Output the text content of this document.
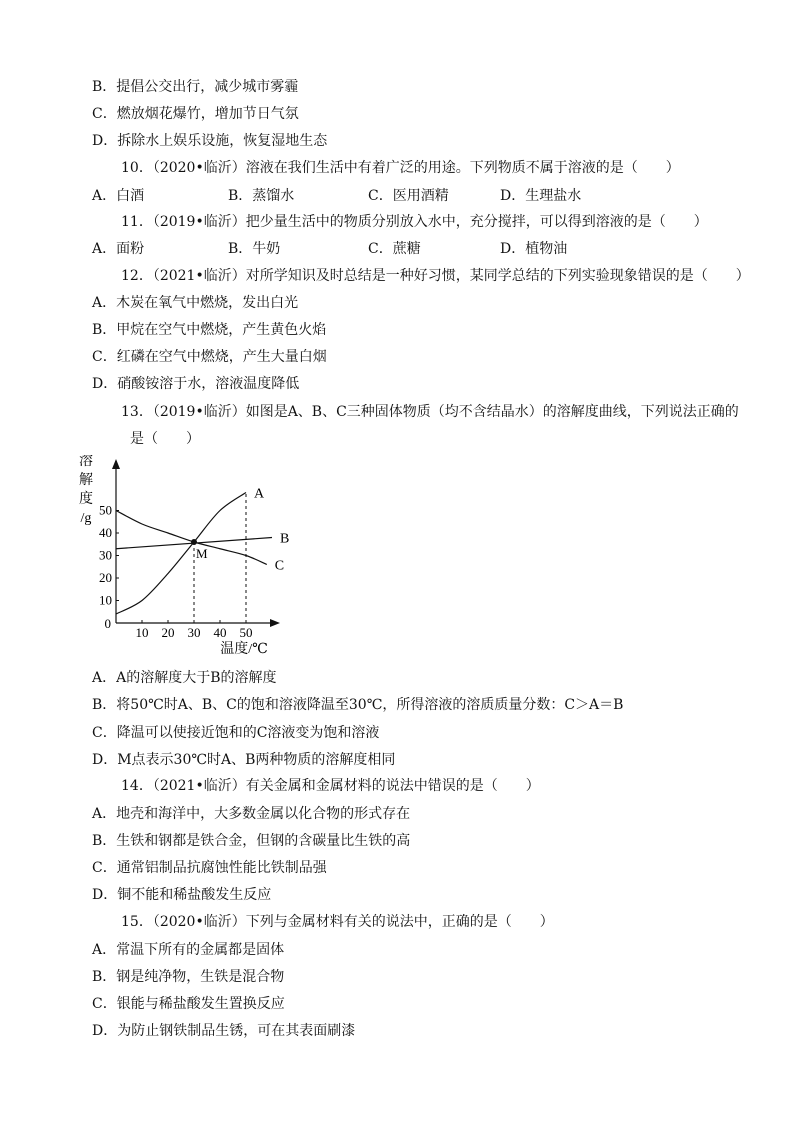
B．提倡公交出行，减少城市雾霾
C．燃放烟花爆竹，增加节日气氛
D．拆除水上娱乐设施，恢复湿地生态
10．（2020•临沂）溶液在我们生活中有着广泛的用途。下列物质不属于溶液的是（　　）
A．白酒	B．蒸馏水	C．医用酒精	D．生理盐水
11．（2019•临沂）把少量生活中的物质分别放入水中，充分搅拌，可以得到溶液的是（　　）
A．面粉	B．牛奶	C．蔗糖	D．植物油
12．（2021•临沂）对所学知识及时总结是一种好习惯，某同学总结的下列实验现象错误的是（　　）
A．木炭在氧气中燃烧，发出白光
B．甲烷在空气中燃烧，产生黄色火焰
C．红磷在空气中燃烧，产生大量白烟
D．硝酸铵溶于水，溶液温度降低
13．（2019•临沂）如图是A、B、C三种固体物质（均不含结晶水）的溶解度曲线，下列说法正确的
是（　　）
10 20 30 40 50
10
20
30
40
50
0
溶
解
度
/g
温度/℃
A
B
C
M
A．A的溶解度大于B的溶解度
B．将50℃时A、B、C的饱和溶液降温至30℃，所得溶液的溶质质量分数：C＞A＝B
C．降温可以使接近饱和的C溶液变为饱和溶液
D．M点表示30℃时A、B两种物质的溶解度相同
14．（2021•临沂）有关金属和金属材料的说法中错误的是（　　）
A．地壳和海洋中，大多数金属以化合物的形式存在
B．生铁和钢都是铁合金，但钢的含碳量比生铁的高
C．通常铝制品抗腐蚀性能比铁制品强
D．铜不能和稀盐酸发生反应
15．（2020•临沂）下列与金属材料有关的说法中，正确的是（　　）
A．常温下所有的金属都是固体
B．钢是纯净物，生铁是混合物
C．银能与稀盐酸发生置换反应
D．为防止钢铁制品生锈，可在其表面刷漆
